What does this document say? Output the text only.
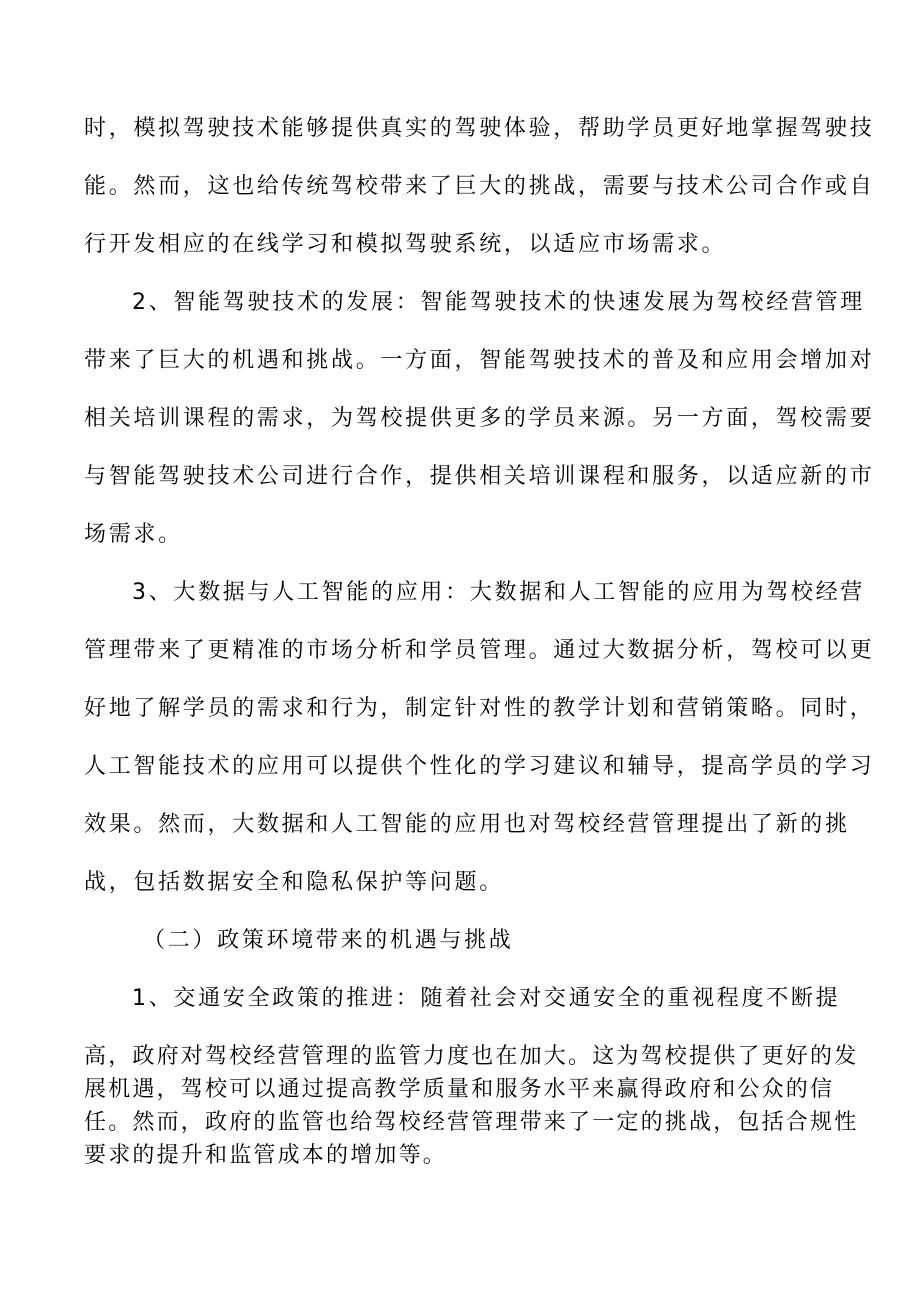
时，模拟驾驶技术能够提供真实的驾驶体验，帮助学员更好地掌握驾驶技
能。然而，这也给传统驾校带来了巨大的挑战，需要与技术公司合作或自
行开发相应的在线学习和模拟驾驶系统，以适应市场需求。
2、智能驾驶技术的发展：智能驾驶技术的快速发展为驾校经营管理
带来了巨大的机遇和挑战。一方面，智能驾驶技术的普及和应用会增加对
相关培训课程的需求，为驾校提供更多的学员来源。另一方面，驾校需要
与智能驾驶技术公司进行合作，提供相关培训课程和服务，以适应新的市
场需求。
3、大数据与人工智能的应用：大数据和人工智能的应用为驾校经营
管理带来了更精准的市场分析和学员管理。通过大数据分析，驾校可以更
好地了解学员的需求和行为，制定针对性的教学计划和营销策略。同时，
人工智能技术的应用可以提供个性化的学习建议和辅导，提高学员的学习
效果。然而，大数据和人工智能的应用也对驾校经营管理提出了新的挑
战，包括数据安全和隐私保护等问题。
（二）政策环境带来的机遇与挑战
1、交通安全政策的推进：随着社会对交通安全的重视程度不断提
高，政府对驾校经营管理的监管力度也在加大。这为驾校提供了更好的发
展机遇，驾校可以通过提高教学质量和服务水平来赢得政府和公众的信
任。然而，政府的监管也给驾校经营管理带来了一定的挑战，包括合规性
要求的提升和监管成本的增加等。
